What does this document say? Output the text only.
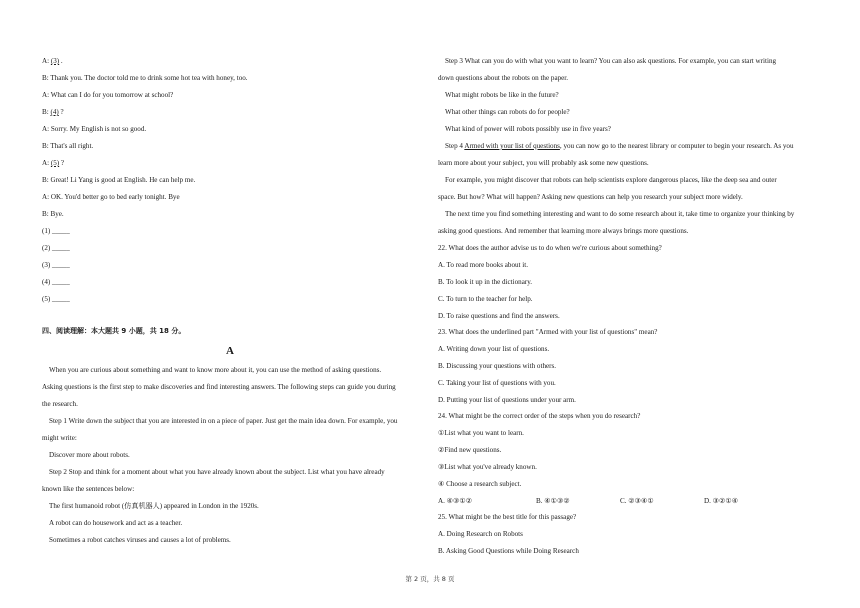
A: (3) .
B: Thank you. The doctor told me to drink some hot tea with honey, too.
A: What can I do for you tomorrow at school?
B: (4) ?
A: Sorry. My English is not so good.
B: That's all right.
A: (5) ?
B: Great! Li Yang is good at English. He can help me.
A: OK. You'd better go to bed early tonight. Bye
B: Bye.
(1) _____
(2) _____
(3) _____
(4) _____
(5) _____
四、阅读理解：本大题共 9 小题，共 18 分。
When you are curious about something and want to know more about it, you can use the method of asking questions.
Asking questions is the first step to make discoveries and find interesting answers. The following steps can guide you during
the research.
Step 1 Write down the subject that you are interested in on a piece of paper. Just get the main idea down. For example, you
might write:
Discover more about robots.
Step 2 Stop and think for a moment about what you have already known about the subject. List what you have already
known like the sentences below:
The first humanoid robot (仿真机器人) appeared in London in the 1920s.
A robot can do housework and act as a teacher.
Sometimes a robot catches viruses and causes a lot of problems.
A
Step 3 What can you do with what you want to learn? You can also ask questions. For example, you can start writing
down questions about the robots on the paper.
What might robots be like in the future?
What other things can robots do for people?
What kind of power will robots possibly use in five years?
Step 4 Armed with your list of questions, you can now go to the nearest library or computer to begin your research. As you
learn more about your subject, you will probably ask some new questions.
For example, you might discover that robots can help scientists explore dangerous places, like the deep sea and outer
space. But how? What will happen? Asking new questions can help you research your subject more widely.
The next time you find something interesting and want to do some research about it, take time to organize your thinking by
asking good questions. And remember that learning more always brings more questions.
22. What does the author advise us to do when we're curious about something?
A. To read more books about it.
B. To look it up in the dictionary.
C. To turn to the teacher for help.
D. To raise questions and find the answers.
23. What does the underlined part "Armed with your list of questions" mean?
A. Writing down your list of questions.
B. Discussing your questions with others.
C. Taking your list of questions with you.
D. Putting your list of questions under your arm.
24. What might be the correct order of the steps when you do research?
①List what you want to learn.
②Find new questions.
③List what you've already known.
④ Choose a research subject.
A. ④③①②	B. ④①③②	C. ②③④①	D. ③②①④
25. What might be the best title for this passage?
A. Doing Research on Robots
B. Asking Good Questions while Doing Research
第 2 页，共 8 页
